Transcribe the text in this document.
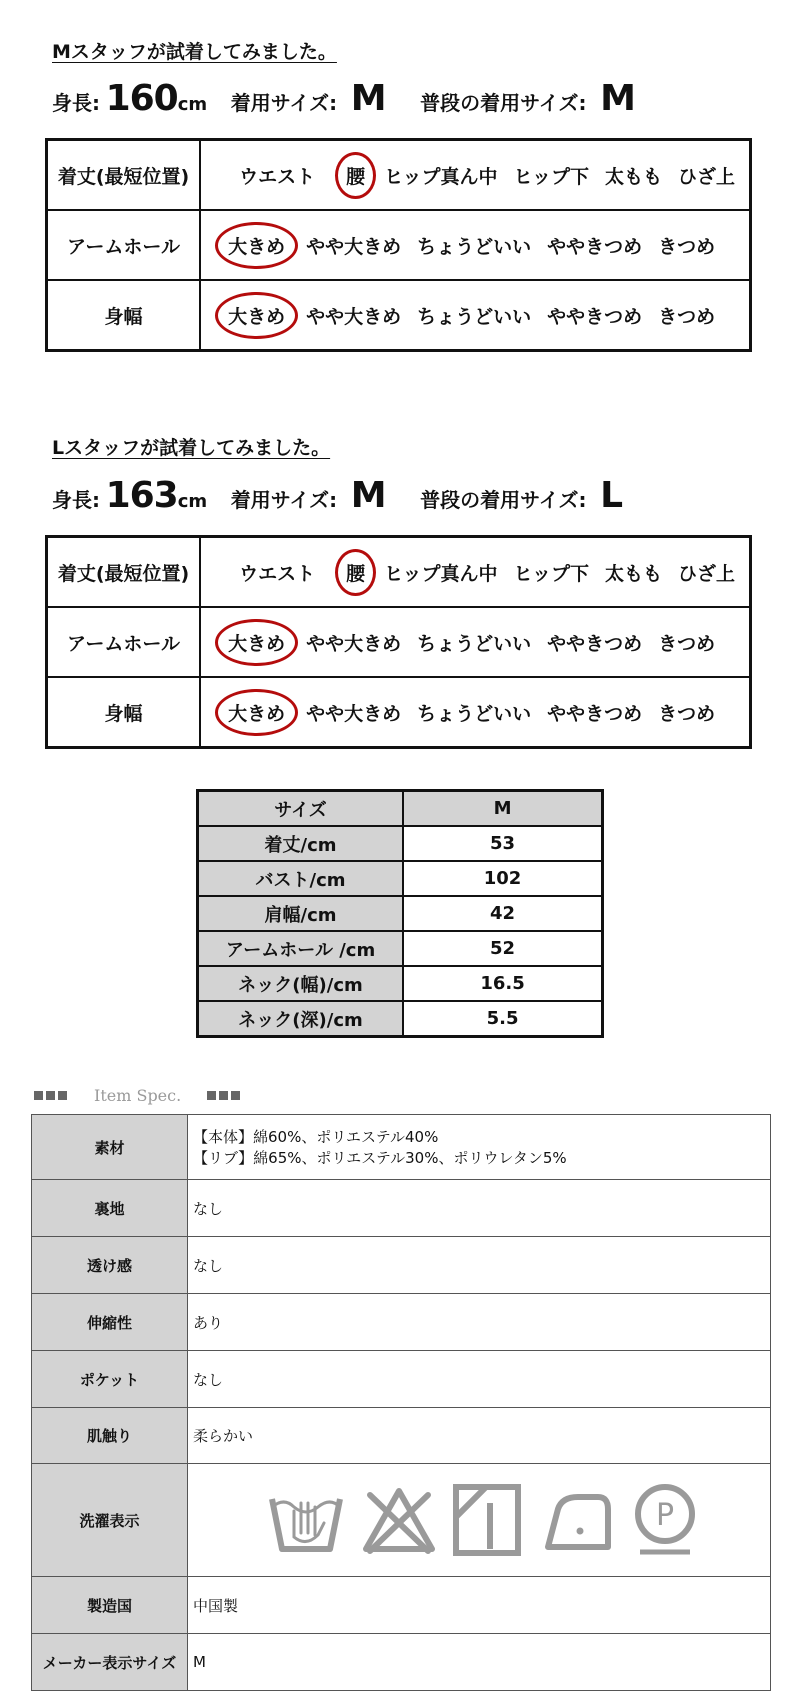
Mスタッフが試着してみました。
身長: 160cm 着用サイズ: M 普段の着用サイズ: M
着丈(最短位置)	ウエスト 腰 ヒップ真ん中 ヒップ下 太もも ひざ上
アームホール	大きめ やや大きめ ちょうどいい ややきつめ きつめ
身幅	大きめ やや大きめ ちょうどいい ややきつめ きつめ
Lスタッフが試着してみました。
身長: 163cm 着用サイズ: M 普段の着用サイズ: L
着丈(最短位置)	ウエスト 腰 ヒップ真ん中 ヒップ下 太もも ひざ上
アームホール	大きめ やや大きめ ちょうどいい ややきつめ きつめ
身幅	大きめ やや大きめ ちょうどいい ややきつめ きつめ
サイズ	M
着丈/cm	53
バスト/cm	102
肩幅/cm	42
アームホール /cm	52
ネック(幅)/cm	16.5
ネック(深)/cm	5.5
Item Spec.
素材	【本体】綿60%、ポリエステル40%
【リブ】綿65%、ポリエステル30%、ポリウレタン5%

裏地	なし
透け感	なし
伸縮性	あり
ポケット	なし
肌触り	柔らかい
洗濯表示	P

製造国	中国製
メーカー表示サイズ	M
